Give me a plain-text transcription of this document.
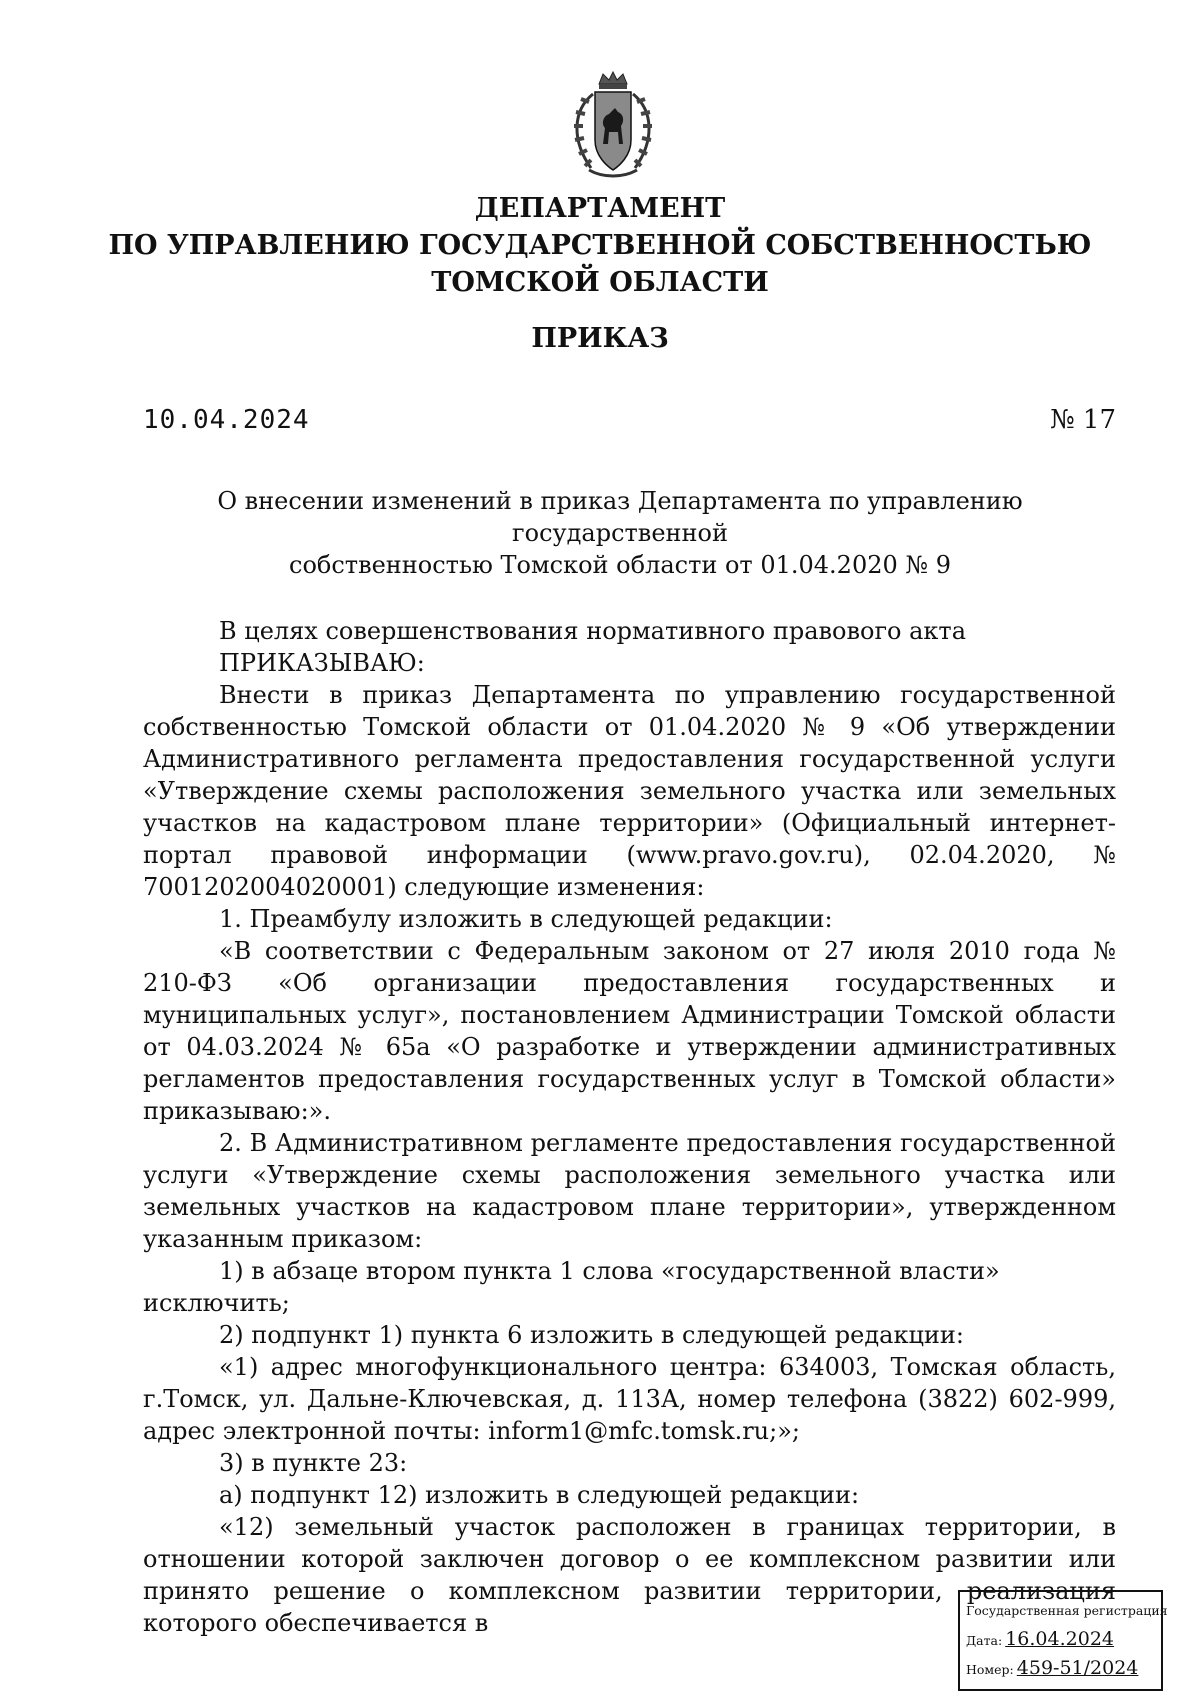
ДЕПАРТАМЕНТ
ПО УПРАВЛЕНИЮ ГОСУДАРСТВЕННОЙ СОБСТВЕННОСТЬЮ
ТОМСКОЙ ОБЛАСТИ
ПРИКАЗ
10.04.2024	№ 17
О внесении изменений в приказ Департамента по управлению государственной
собственностью Томской области от 01.04.2020 № 9

В целях совершенствования нормативного правового акта

ПРИКАЗЫВАЮ:

Внести в приказ Департамента по управлению государственной собственностью Томской области от 01.04.2020 № 9 «Об утверждении Административного регламента предоставления государственной услуги «Утверждение схемы расположения земельного участка или земельных участков на кадастровом плане территории» (Официальный интернет-портал правовой информации (www.pravo.gov.ru), 02.04.2020, № 7001202004020001) следующие изменения:

1. Преамбулу изложить в следующей редакции:

«В соответствии с Федеральным законом от 27 июля 2010 года № 210-ФЗ «Об организации предоставления государственных и муниципальных услуг», постановлением Администрации Томской области от 04.03.2024 № 65а «О разработке и утверждении административных регламентов предоставления государственных услуг в Томской области» приказываю:».

2. В Административном регламенте предоставления государственной услуги «Утверждение схемы расположения земельного участка или земельных участков на кадастровом плане территории», утвержденном указанным приказом:

1) в абзаце втором пункта 1 слова «государственной власти» исключить;

2) подпункт 1) пункта 6 изложить в следующей редакции:

«1) адрес многофункционального центра: 634003, Томская область, г.Томск, ул. Дальне-Ключевская, д. 113А, номер телефона (3822) 602-999, адрес электронной почты: inform1@mfc.tomsk.ru;»;

3) в пункте 23:

а) подпункт 12) изложить в следующей редакции:

«12) земельный участок расположен в границах территории, в отношении которой заключен договор о ее комплексном развитии или принято решение о комплексном развитии территории, реализация которого обеспечивается в	Государственная регистрация
Дата: 16.04.2024
Номер: 459-51/2024
